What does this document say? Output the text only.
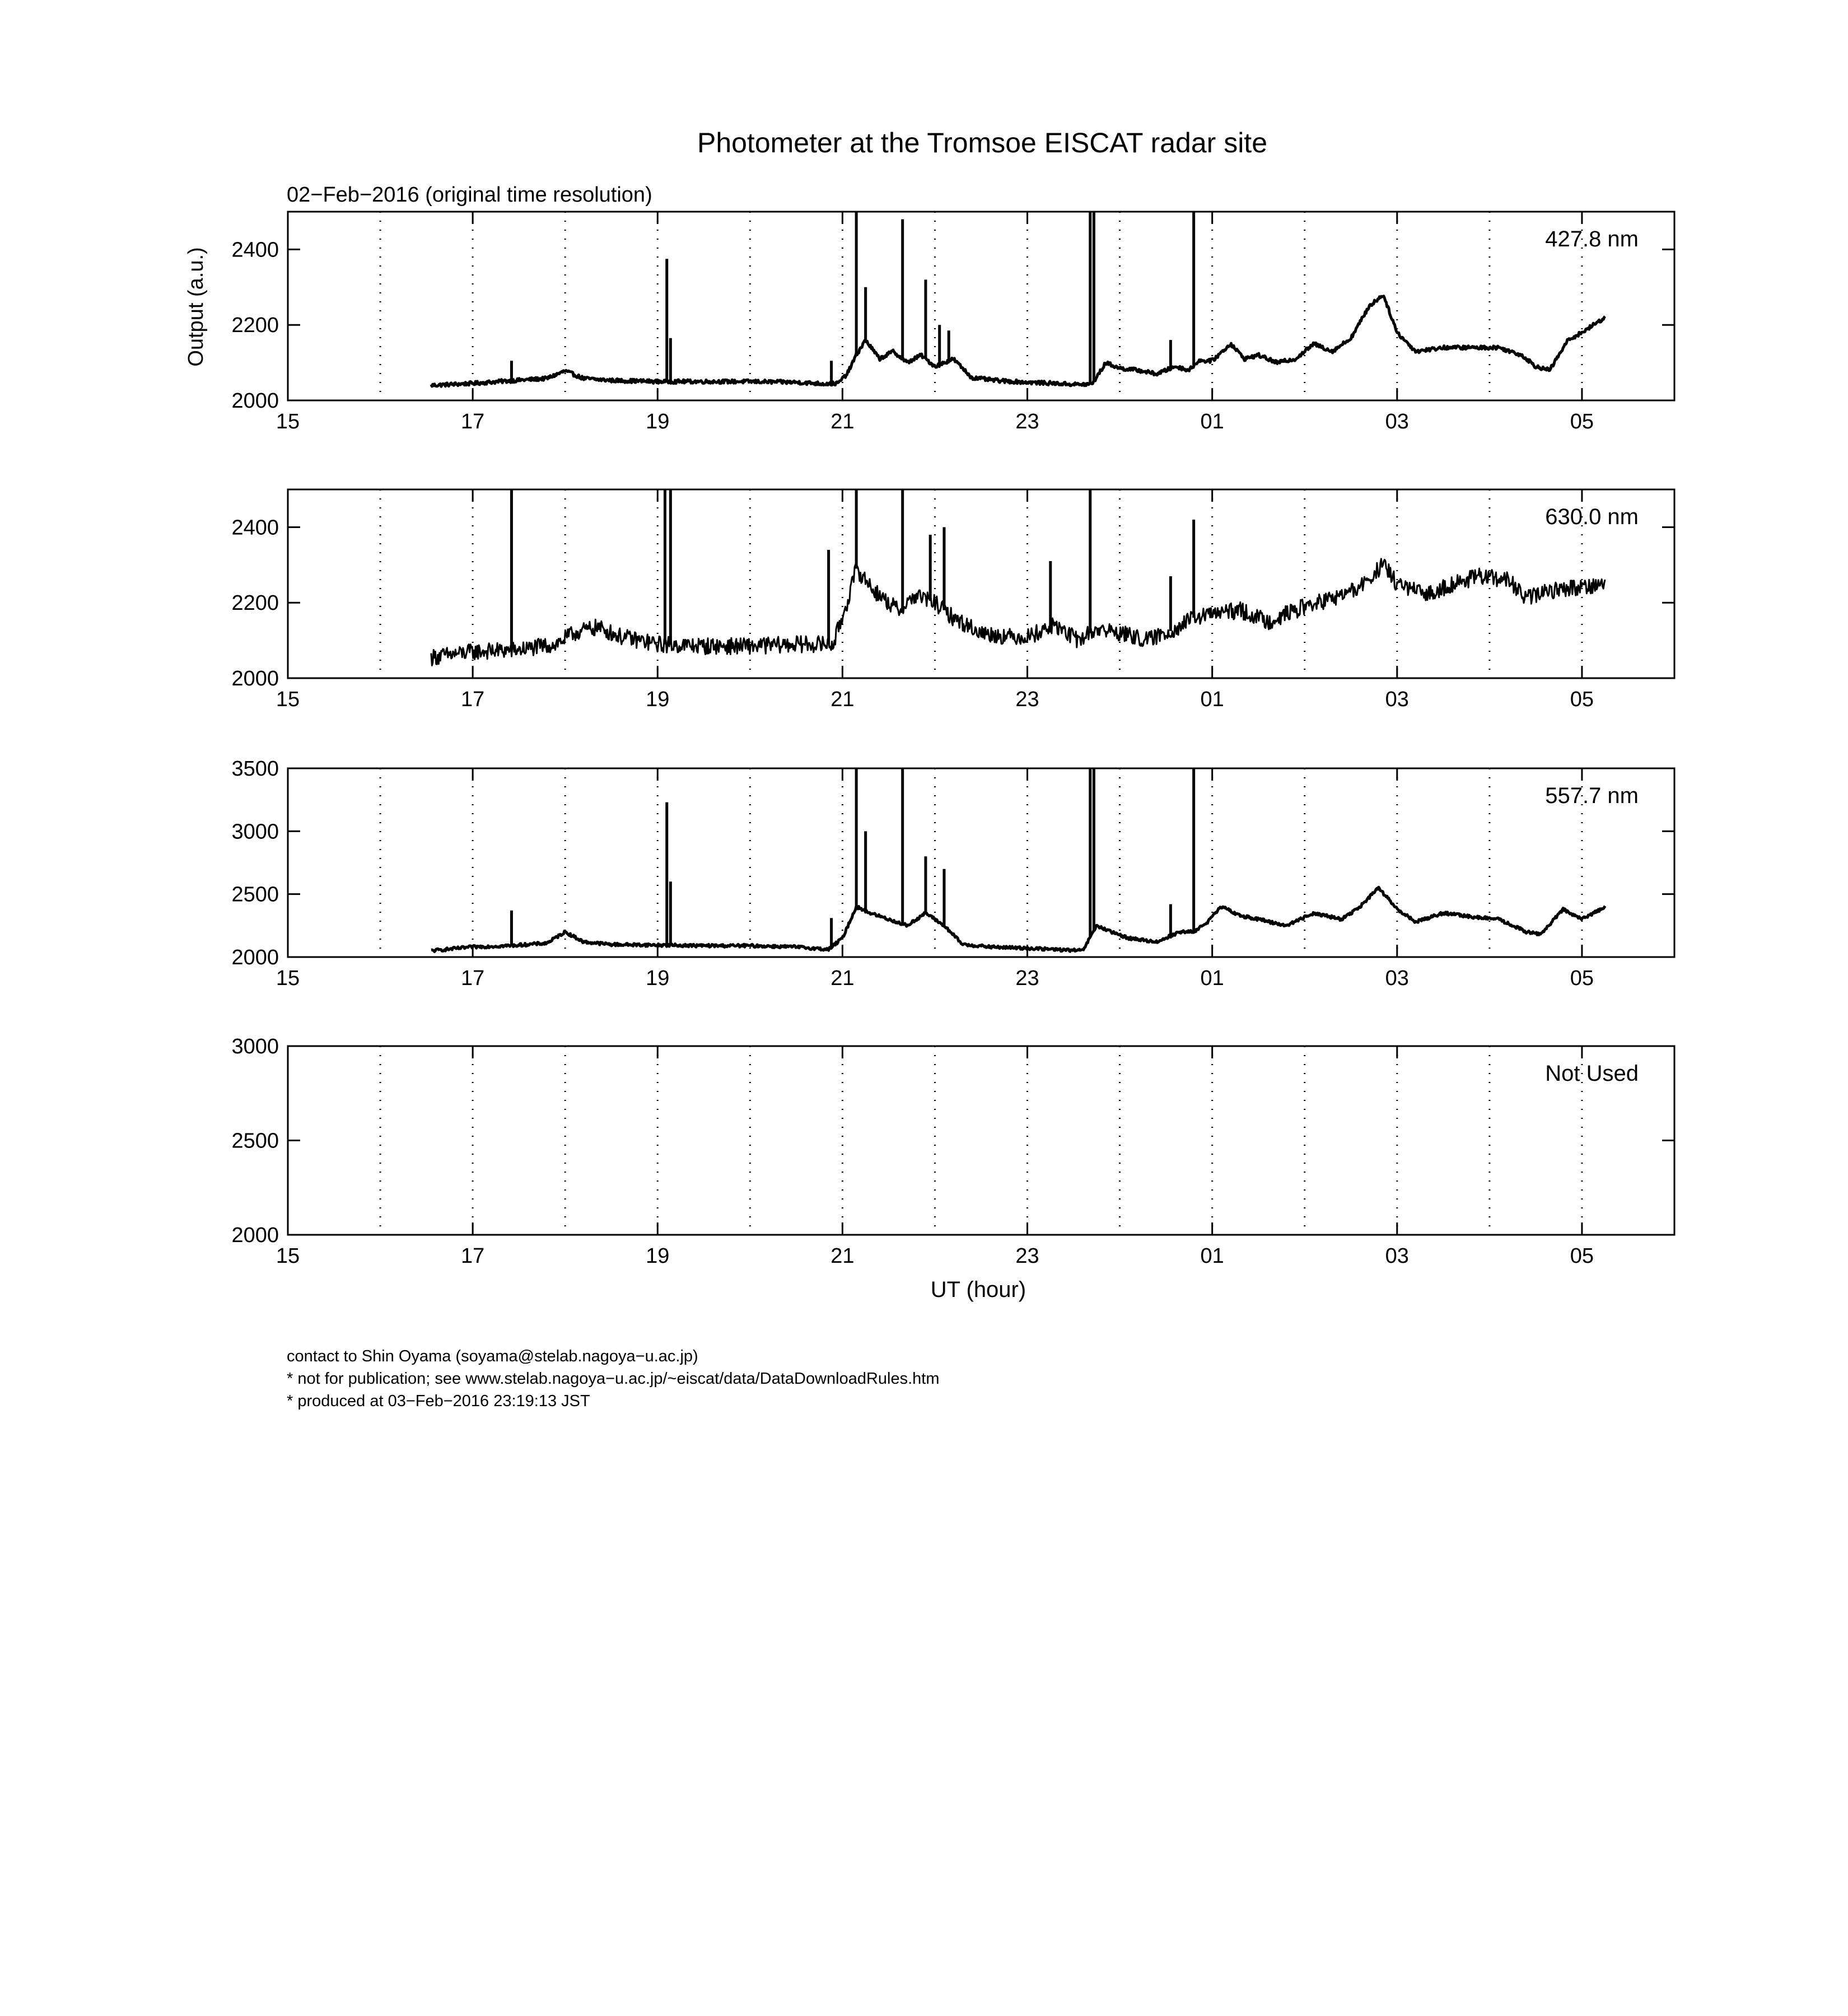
Photometer at the Tromsoe EISCAT radar site
02−Feb−2016 (original time resolution)
Output (a.u.)
UT (hour)
15	17	19	21	23	01	03	05
2000
2200
2400	427.8 nm
15	17	19	21	23	01	03	05
2000
2200
2400	630.0 nm
15	17	19	21	23	01	03	05
2000
2500
3000
3500
557.7 nm
15	17	19	21	23	01	03	05
2000
2500
3000
Not Used
contact to Shin Oyama (soyama@stelab.nagoya−u.ac.jp)
* not for publication; see www.stelab.nagoya−u.ac.jp/~eiscat/data/DataDownloadRules.htm
* produced at 03−Feb−2016 23:19:13 JST
